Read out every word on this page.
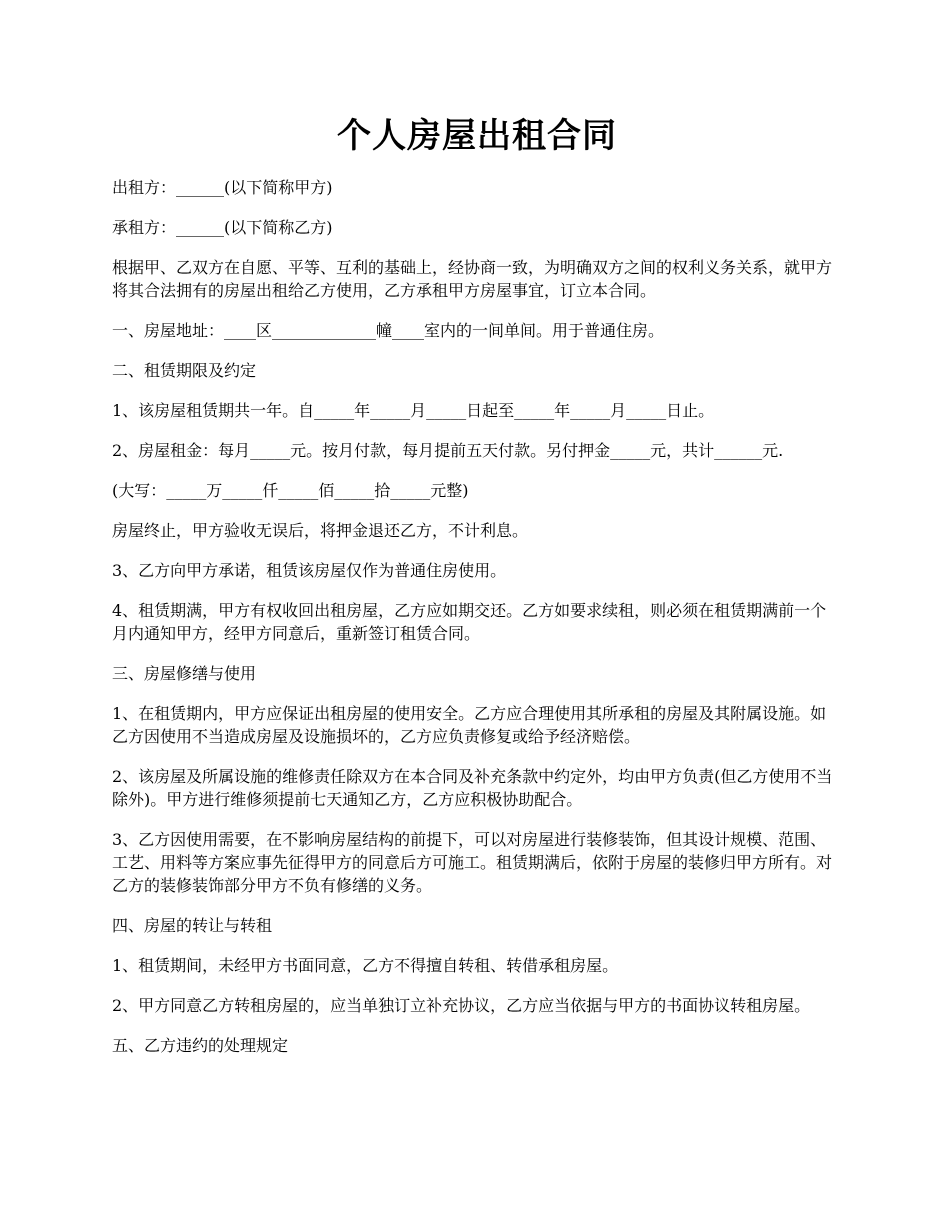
个人房屋出租合同

出租方：______(以下简称甲方)

承租方：______(以下简称乙方)

根据甲、乙双方在自愿、平等、互利的基础上，经协商一致，为明确双方之间的权利义务关系，就甲方将其合法拥有的房屋出租给乙方使用，乙方承租甲方房屋事宜，订立本合同。

一、房屋地址：____区_____________幢____室内的一间单间。用于普通住房。

二、租赁期限及约定

1、该房屋租赁期共一年。自_____年_____月_____日起至_____年_____月_____日止。

2、房屋租金：每月_____元。按月付款，每月提前五天付款。另付押金_____元，共计______元.

(大写：_____万_____仟_____佰_____拾_____元整)

房屋终止，甲方验收无误后，将押金退还乙方，不计利息。

3、乙方向甲方承诺，租赁该房屋仅作为普通住房使用。

4、租赁期满，甲方有权收回出租房屋，乙方应如期交还。乙方如要求续租，则必须在租赁期满前一个月内通知甲方，经甲方同意后，重新签订租赁合同。

三、房屋修缮与使用

1、在租赁期内，甲方应保证出租房屋的使用安全。乙方应合理使用其所承租的房屋及其附属设施。如乙方因使用不当造成房屋及设施损坏的，乙方应负责修复或给予经济赔偿。

2、该房屋及所属设施的维修责任除双方在本合同及补充条款中约定外，均由甲方负责(但乙方使用不当除外)。甲方进行维修须提前七天通知乙方，乙方应积极协助配合。

3、乙方因使用需要，在不影响房屋结构的前提下，可以对房屋进行装修装饰，但其设计规模、范围、工艺、用料等方案应事先征得甲方的同意后方可施工。租赁期满后，依附于房屋的装修归甲方所有。对乙方的装修装饰部分甲方不负有修缮的义务。

四、房屋的转让与转租

1、租赁期间，未经甲方书面同意，乙方不得擅自转租、转借承租房屋。

2、甲方同意乙方转租房屋的，应当单独订立补充协议，乙方应当依据与甲方的书面协议转租房屋。

五、乙方违约的处理规定
